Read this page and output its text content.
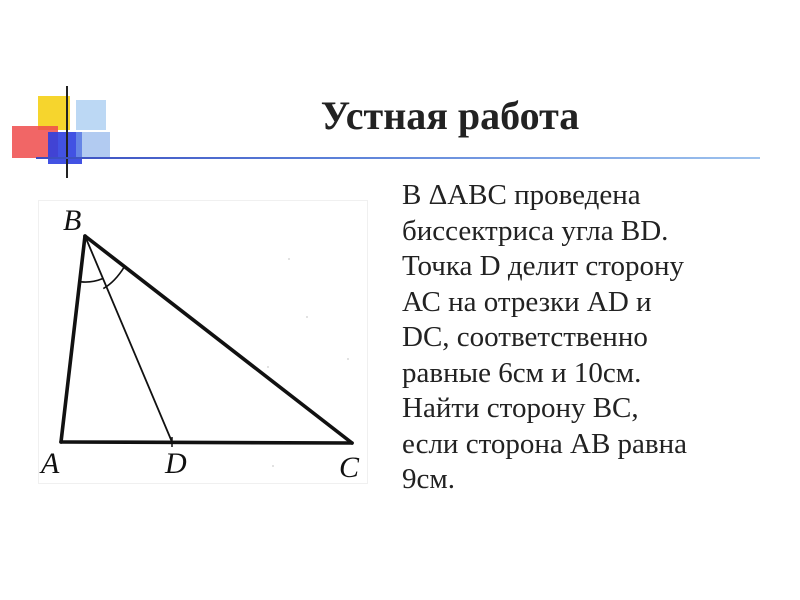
Устная работа
B
A	D	C
В ΔАВС проведена
биссектриса угла BD.
Точка D делит сторону
АС на отрезки AD и
DC, соответственно
равные 6см и 10см.
Найти сторону ВС,
если сторона АВ равна
9см.
